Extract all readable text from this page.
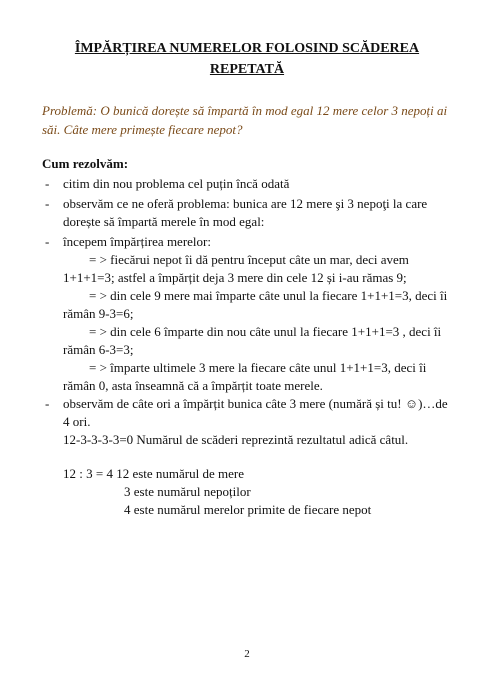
ÎMPĂRȚIREA NUMERELOR FOLOSIND SCĂDEREA
REPETATĂ
Problemă: O bunică dorește să împartă în mod egal 12 mere celor 3 nepoți ai săi. Câte mere primește fiecare nepot?
Cum rezolvăm:
-
-
-
-
citim din nou problema cel puțin încă odată
observăm ce ne oferă problema: bunica are 12 mere şi 3 nepoţi la care
dorește să împartă merele în mod egal:
începem împărțirea merelor:
= > fiecărui nepot îi dă pentru început câte un mar, deci avem
1+1+1=3; astfel a împărțit deja 3 mere din cele 12 și i-au rămas 9;
= > din cele 9 mere mai împarte câte unul la fiecare 1+1+1=3, deci îi
rămân 9-3=6;
= > din cele 6 împarte din nou câte unul la fiecare 1+1+1=3 , deci îi
rămân 6-3=3;
= > împarte ultimele 3 mere la fiecare câte unul 1+1+1=3, deci îi
rămân 0, asta înseamnă că a împărțit toate merele.
observăm de câte ori a împărțit bunica câte 3 mere (numără și tu! ☺)…de
4 ori.
12-3-3-3-3=0 Numărul de scăderi reprezintă rezultatul adică câtul.
12 : 3 = 4 12 este numărul de mere
3 este numărul nepoților
4 este numărul merelor primite de fiecare nepot
2
